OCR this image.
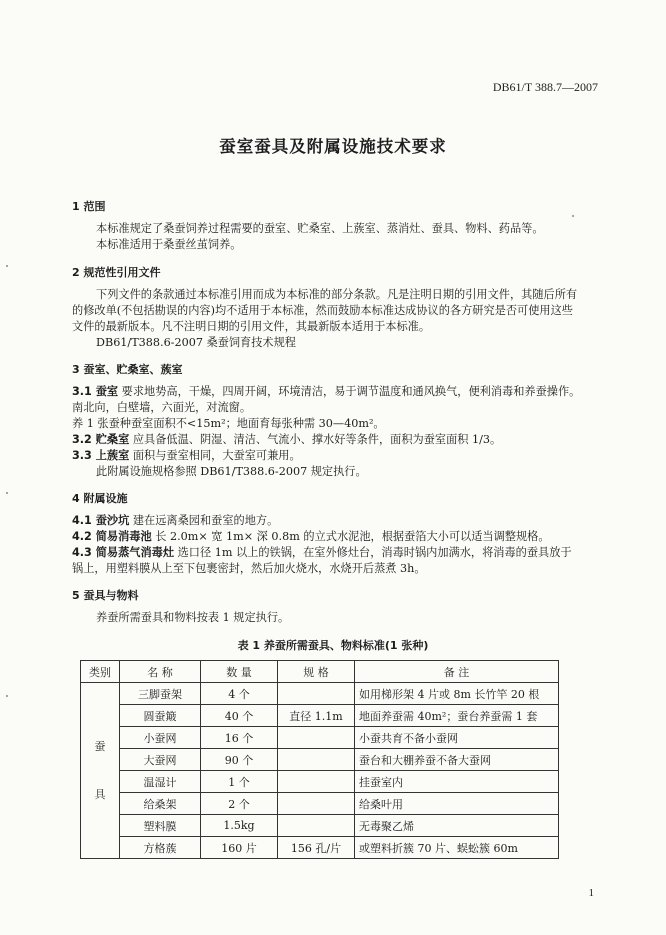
DB61/T 388.7—2007
蚕室蚕具及附属设施技术要求
1 范围
本标准规定了桑蚕饲养过程需要的蚕室、贮桑室、上蔟室、蒸消灶、蚕具、物料、药品等。
本标准适用于桑蚕丝茧饲养。
2 规范性引用文件
下列文件的条款通过本标准引用而成为本标准的部分条款。凡是注明日期的引用文件，其随后所有
的修改单(不包括勘误的内容)均不适用于本标准，然而鼓励本标准达成协议的各方研究是否可使用这些
文件的最新版本。凡不注明日期的引用文件，其最新版本适用于本标准。
DB61/T388.6-2007 桑蚕饲育技术规程
3 蚕室、贮桑室、蔟室
3.1 蚕室 要求地势高，干燥，四周开阔，环境清洁，易于调节温度和通风换气，便利消毒和养蚕操作。
南北向，白壁墙，六面光，对流窗。
养 1 张蚕种蚕室面积不<15m²；地面育每张种需 30—40m²。
3.2 贮桑室 应具备低温、阴湿、清洁、气流小、撑水好等条件，面积为蚕室面积 1/3。
3.3 上蔟室 面积与蚕室相同，大蚕室可兼用。
此附属设施规格参照 DB61/T388.6-2007 规定执行。
4 附属设施
4.1 蚕沙坑 建在远离桑园和蚕室的地方。
4.2 简易消毒池 长 2.0m× 宽 1m× 深 0.8m 的立式水泥池，根据蚕箔大小可以适当调整规格。
4.3 简易蒸气消毒灶 选口径 1m 以上的铁锅，在室外修灶台，消毒时锅内加满水，将消毒的蚕具放于
锅上，用塑料膜从上至下包裹密封，然后加火烧水，水烧开后蒸煮 3h。
5 蚕具与物料
养蚕所需蚕具和物料按表 1 规定执行。
表 1 养蚕所需蚕具、物料标准(1 张种)
类别	名 称	数 量	规 格	备 注

蚕
具	三脚蚕架	4 个		如用梯形架 4 片或 8m 长竹竿 20 根
	圆蚕簸	40 个	直径 1.1m	地面养蚕需 40m²；蚕台养蚕需 1 套
	小蚕网	16 个		小蚕共育不备小蚕网
	大蚕网	90 个		蚕台和大棚养蚕不备大蚕网
	温湿计	1 个		挂蚕室内
	给桑架	2 个		给桑叶用
	塑料膜	1.5kg		无毒聚乙烯
	方格蔟	160 片	156 孔/片	或塑料折簇 70 片、蜈蚣簇 60m
1
